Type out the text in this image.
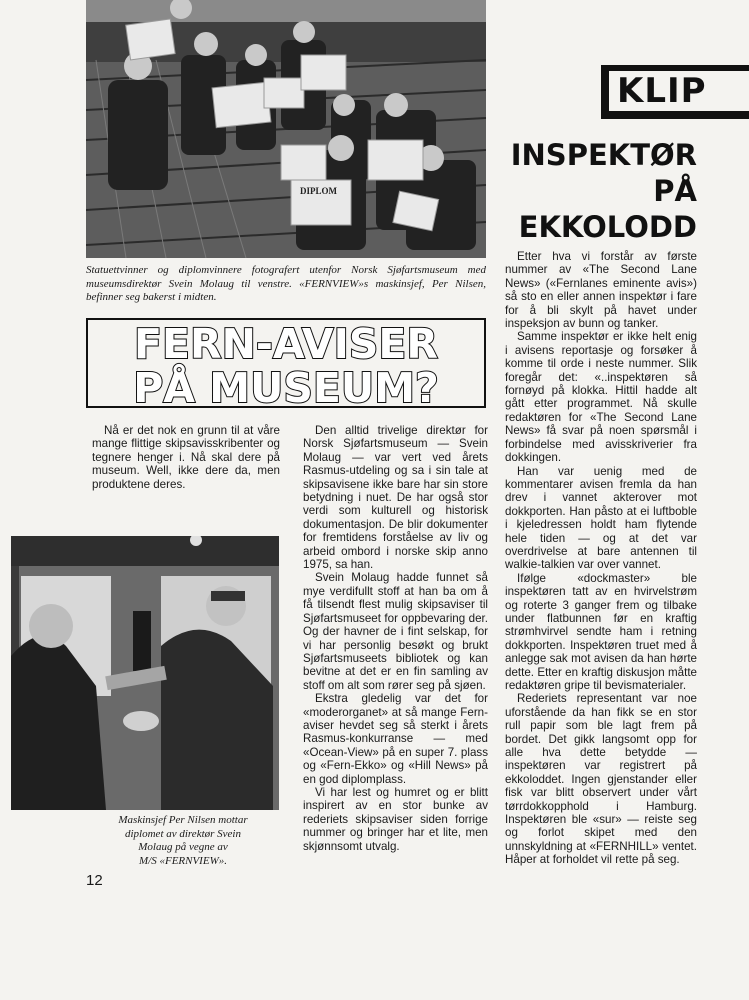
DIPLOM

Statuettvinner og diplomvinnere fotografert utenfor Norsk Sjøfartsmuseum med museumsdirektør Svein Molaug til venstre. «FERNVIEW»s maskinsjef, Per Nilsen, befinner seg bakerst i midten.

KLIP
INSPEKTØR
PÅ
EKKOLODD
FERN-AVISER
PÅ MUSEUM?

Nå er det nok en grunn til at våre mange flittige skipsavisskribenter og tegnere henger i. Nå skal dere på museum. Well, ikke dere da, men produktene deres.

Maskinsjef Per Nilsen mottar
diplomet av direktør Svein
Molaug på vegne av
M/S «FERNVIEW».

Den alltid trivelige direktør for Norsk Sjøfartsmuseum — Svein Molaug — var vert ved årets Rasmus-utdeling og sa i sin tale at skipsavisene ikke bare har sin store betydning i nuet. De har også stor verdi som kulturell og historisk dokumentasjon. De blir dokumenter for fremtidens forståelse av liv og arbeid ombord i norske skip anno 1975, sa han.

Svein Molaug hadde funnet så mye verdifullt stoff at han ba om å få tilsendt flest mulig skipsaviser til Sjøfartsmuseet for oppbevaring der. Og der havner de i fint selskap, for vi har personlig besøkt og brukt Sjøfartsmuseets bibliotek og kan bevitne at det er en fin samling av stoff om alt som rører seg på sjøen.

Ekstra gledelig var det for «moderorganet» at så mange Fern-aviser hevdet seg så sterkt i årets Rasmus-konkurranse — med «Ocean-View» på en super 7. plass og «Fern-Ekko» og «Hill News» på en god diplomplass.

Vi har lest og humret og er blitt inspirert av en stor bunke av rederiets skipsaviser siden forrige nummer og bringer har et lite, men skjønnsomt utvalg.

Etter hva vi forstår av første nummer av «The Second Lane News» («Fernlanes eminente avis») så sto en eller annen inspektør i fare for å bli skylt på havet under inspeksjon av bunn og tanker.

Samme inspektør er ikke helt enig i avisens reportasje og forsøker å komme til orde i neste nummer. Slik foregår det: «..inspektøren så fornøyd på klokka. Hittil hadde alt gått etter programmet. Nå skulle redaktøren for «The Second Lane News» få svar på noen spørsmål i forbindelse med avisskriverier fra dokkingen.

Han var uenig med de kommentarer avisen fremla da han drev i vannet akterover mot dokkporten. Han påsto at ei luftboble i kjeledressen holdt ham flytende hele tiden — og at det var overdrivelse at bare antennen til walkie-talkien var over vannet.

Ifølge «dockmaster» ble inspektøren tatt av en hvirvelstrøm og roterte 3 ganger frem og tilbake under flatbunnen før en kraftig strømhvirvel sendte ham i retning dokkporten. Inspektøren truet med å anlegge sak mot avisen da han hørte dette. Etter en kraftig diskusjon måtte redaktøren gripe til bevismaterialer.

Rederiets representant var noe uforstående da han fikk se en stor rull papir som ble lagt frem på bordet. Det gikk langsomt opp for alle hva dette betydde — inspektøren var registrert på ekkoloddet. Ingen gjenstander eller fisk var blitt observert under vårt tørrdokkopphold i Hamburg. Inspektøren ble «sur» — reiste seg og forlot skipet med den unnskyldning at «FERNHILL» ventet. Håper at forholdet vil rette på seg.

12
